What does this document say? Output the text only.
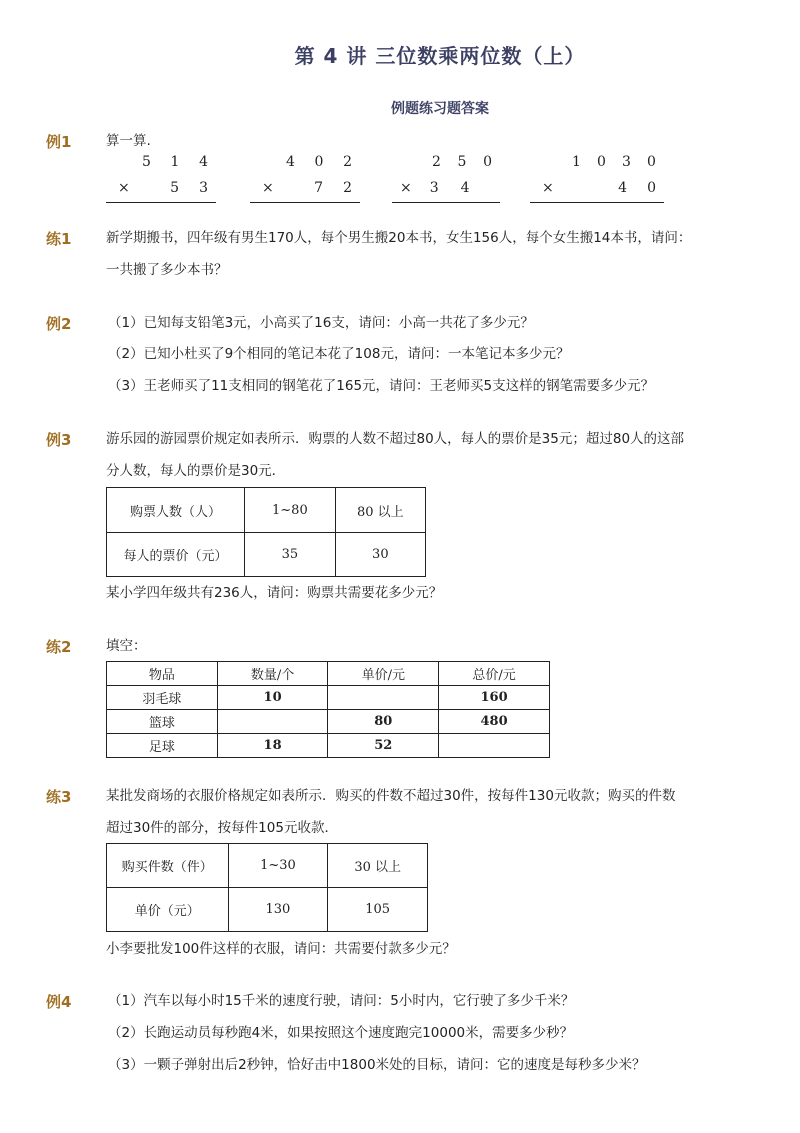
第 4 讲 三位数乘两位数（上）
例题练习题答案
例1	算一算.
5 1 4
×	5 3
4 0 2
×	7 2
2 5 0
× 3 4
1 0 3 0
×	4 0
练1	新学期搬书，四年级有男生170人，每个男生搬20本书，女生156人，每个女生搬14本书，请问：
一共搬了多少本书？
例2	（1）已知每支铅笔3元，小高买了16支，请问：小高一共花了多少元？
（2）已知小杜买了9个相同的笔记本花了108元，请问：一本笔记本多少元？
（3）王老师买了11支相同的钢笔花了165元，请问：王老师买5支这样的钢笔需要多少元？
例3	游乐园的游园票价规定如表所示．购票的人数不超过80人，每人的票价是35元；超过80人的这部
分人数，每人的票价是30元．
购票人数（人）	1~80	80 以上
每人的票价（元）	35	30
某小学四年级共有236人，请问：购票共需要花多少元？
练2	填空：
物品	数量/个	单价/元	总价/元
羽毛球	10		160
篮球		80	480
足球	18	52	
练3	某批发商场的衣服价格规定如表所示．购买的件数不超过30件，按每件130元收款；购买的件数
超过30件的部分，按每件105元收款．
购买件数（件）	1~30	30 以上
单价（元）	130	105
小李要批发100件这样的衣服，请问：共需要付款多少元？
例4	（1）汽车以每小时15千米的速度行驶，请问：5小时内，它行驶了多少千米？
（2）长跑运动员每秒跑4米，如果按照这个速度跑完10000米，需要多少秒？
（3）一颗子弹射出后2秒钟，恰好击中1800米处的目标，请问：它的速度是每秒多少米？
